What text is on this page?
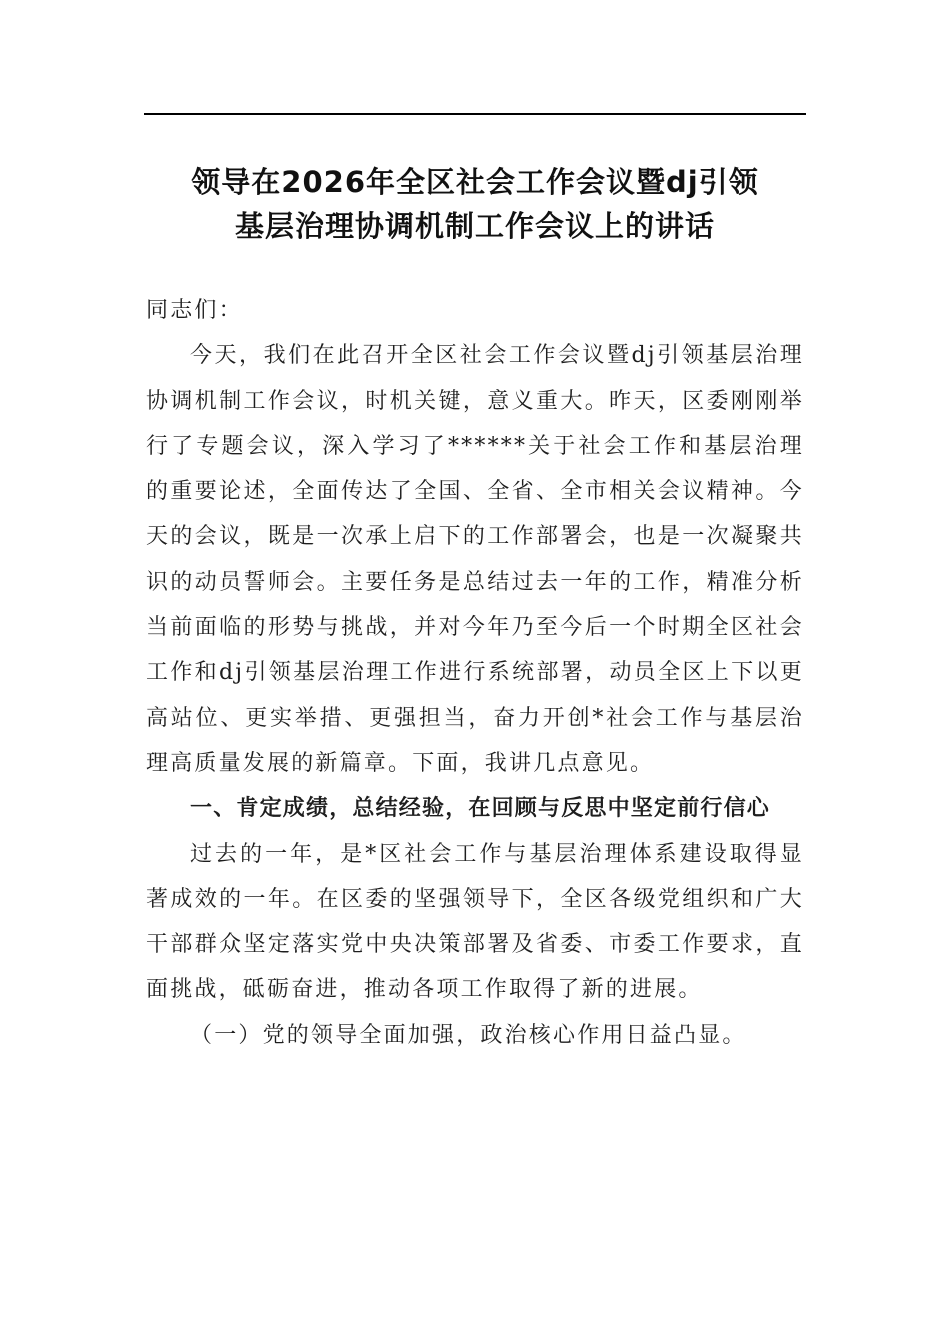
领导在2026年全区社会工作会议暨dj引领
基层治理协调机制工作会议上的讲话

同志们：

今天，我们在此召开全区社会工作会议暨dj引领基层治理协调机制工作会议，时机关键，意义重大。昨天，区委刚刚举行了专题会议，深入学习了******关于社会工作和基层治理的重要论述，全面传达了全国、全省、全市相关会议精神。今天的会议，既是一次承上启下的工作部署会，也是一次凝聚共识的动员誓师会。主要任务是总结过去一年的工作，精准分析当前面临的形势与挑战，并对今年乃至今后一个时期全区社会工作和dj引领基层治理工作进行系统部署，动员全区上下以更高站位、更实举措、更强担当，奋力开创*社会工作与基层治理高质量发展的新篇章。下面，我讲几点意见。

一、肯定成绩，总结经验，在回顾与反思中坚定前行信心

过去的一年，是*区社会工作与基层治理体系建设取得显著成效的一年。在区委的坚强领导下，全区各级党组织和广大干部群众坚定落实党中央决策部署及省委、市委工作要求，直面挑战，砥砺奋进，推动各项工作取得了新的进展。

（一）党的领导全面加强，政治核心作用日益凸显。
